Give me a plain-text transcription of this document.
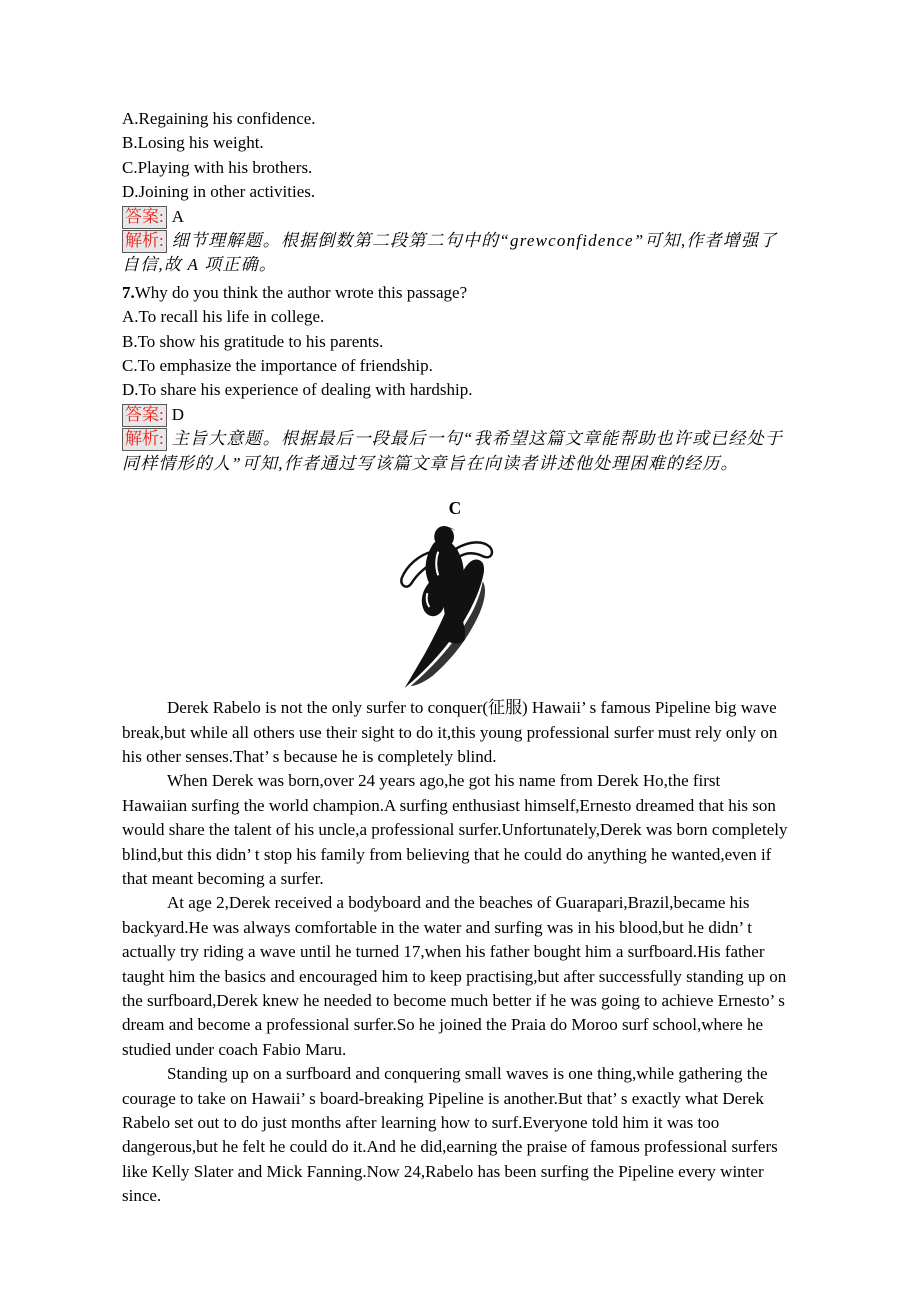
A.Regaining his confidence.
B.Losing his weight.
C.Playing with his brothers.
D.Joining in other activities.
答案: A
解析: 细节理解题。根据倒数第二段第二句中的“grewconfidence”可知,作者增强了自信,故 A 项正确。
7.Why do you think the author wrote this passage?
A.To recall his life in college.
B.To show his gratitude to his parents.
C.To emphasize the importance of friendship.
D.To share his experience of dealing with hardship.
答案: D
解析: 主旨大意题。根据最后一段最后一句“我希望这篇文章能帮助也许或已经处于同样情形的人”可知,作者通过写该篇文章旨在向读者讲述他处理困难的经历。
C

Derek Rabelo is not the only surfer to conquer(征服) Hawaii’ s famous Pipeline big wave break,but while all others use their sight to do it,this young professional surfer must rely only on his other senses.That’ s because he is completely blind.

When Derek was born,over 24 years ago,he got his name from Derek Ho,the first Hawaiian surfing the world champion.A surfing enthusiast himself,Ernesto dreamed that his son would share the talent of his uncle,a professional surfer.Unfortunately,Derek was born completely blind,but this didn’ t stop his family from believing that he could do anything he wanted,even if that meant becoming a surfer.

At age 2,Derek received a bodyboard and the beaches of Guarapari,Brazil,became his backyard.He was always comfortable in the water and surfing was in his blood,but he didn’ t actually try riding a wave until he turned 17,when his father bought him a surfboard.His father taught him the basics and encouraged him to keep practising,but after successfully standing up on the surfboard,Derek knew he needed to become much better if he was going to achieve Ernesto’ s dream and become a professional surfer.So he joined the Praia do Moroo surf school,where he studied under coach Fabio Maru.

Standing up on a surfboard and conquering small waves is one thing,while gathering the courage to take on Hawaii’ s board-breaking Pipeline is another.But that’ s exactly what Derek Rabelo set out to do just months after learning how to surf.Everyone told him it was too dangerous,but he felt he could do it.And he did,earning the praise of famous professional surfers like Kelly Slater and Mick Fanning.Now 24,Rabelo has been surfing the Pipeline every winter since.
